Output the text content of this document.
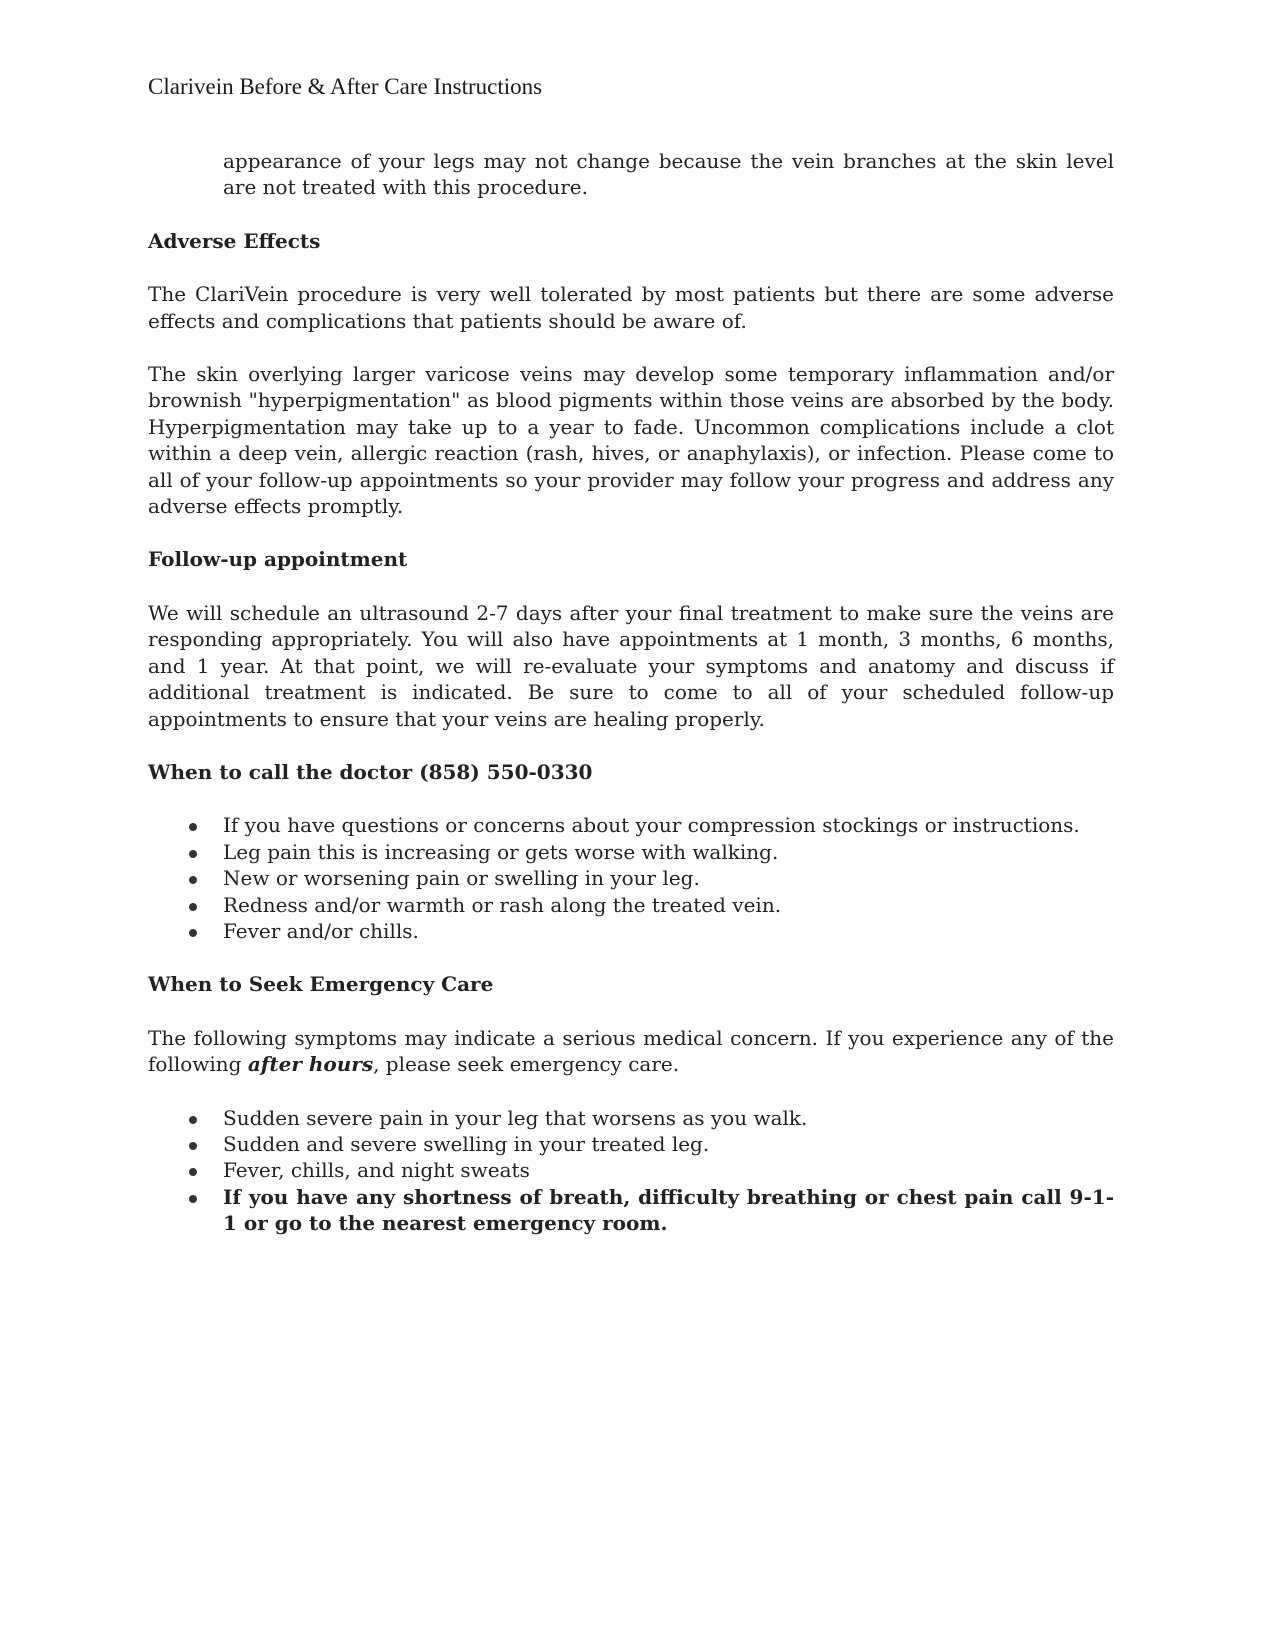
Clarivein Before & After Care Instructions

appearance of your legs may not change because the vein branches at the skin level are not treated with this procedure.

Adverse Effects

The ClariVein procedure is very well tolerated by most patients but there are some adverse effects and complications that patients should be aware of.

The skin overlying larger varicose veins may develop some temporary inflammation and/or brownish "hyperpigmentation" as blood pigments within those veins are absorbed by the body. Hyperpigmentation may take up to a year to fade. Uncommon complications include a clot within a deep vein, allergic reaction (rash, hives, or anaphylaxis), or infection. Please come to all of your follow-up appointments so your provider may follow your progress and address any adverse effects promptly.

Follow-up appointment

We will schedule an ultrasound 2-7 days after your final treatment to make sure the veins are responding appropriately. You will also have appointments at 1 month, 3 months, 6 months, and 1 year. At that point, we will re-evaluate your symptoms and anatomy and discuss if additional treatment is indicated. Be sure to come to all of your scheduled follow-up appointments to ensure that your veins are healing properly.

When to call the doctor (858) 550-0330

If you have questions or concerns about your compression stockings or instructions.
Leg pain this is increasing or gets worse with walking.
New or worsening pain or swelling in your leg.
Redness and/or warmth or rash along the treated vein.
Fever and/or chills.

When to Seek Emergency Care

The following symptoms may indicate a serious medical concern. If you experience any of the following after hours, please seek emergency care.

Sudden severe pain in your leg that worsens as you walk.
Sudden and severe swelling in your treated leg.
Fever, chills, and night sweats
If you have any shortness of breath, difficulty breathing or chest pain call 9-1-1 or go to the nearest emergency room.
